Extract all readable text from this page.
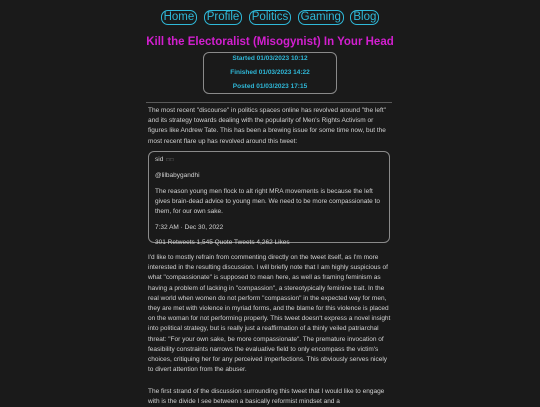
Home Profile Politics Gaming Blog
Kill the Electoralist (Misogynist) In Your Head
Started 01/03/2023 10:12
Finished 01/03/2023 14:22
Posted 01/03/2023 17:15

The most recent "discourse" in politics spaces online has revolved around "the left" and its strategy towards dealing with the popularity of Men's Rights Activism or figures like Andrew Tate. This has been a brewing issue for some time now, but the most recent flare up has revolved around this tweet:

sid □□
@lilbabygandhi
The reason young men flock to alt right MRA movements is because the left gives brain-dead advice to young men. We need to be more compassionate to them, for our own sake.
7:32 AM · Dec 30, 2022
301 Retweets 1,545 Quote Tweets 4,262 Likes

I'd like to mostly refrain from commenting directly on the tweet itself, as I'm more interested in the resulting discussion. I will briefly note that I am highly suspicious of what "compassionate" is supposed to mean here, as well as framing feminism as having a problem of lacking in "compassion", a stereotypically feminine trait. In the real world when women do not perform "compassion" in the expected way for men, they are met with violence in myriad forms, and the blame for this violence is placed on the woman for not performing properly. This tweet doesn't express a novel insight into political strategy, but is really just a reaffirmation of a thinly veiled patriarchal threat: "For your own sake, be more compassionate". The premature invocation of feasibility constraints narrows the evaluative field to only encompass the victim's choices, critiquing her for any perceived imperfections. This obviously serves nicely to divert attention from the abuser.

The first strand of the discussion surrounding this tweet that I would like to engage with is the divide I see between a basically reformist mindset and a
